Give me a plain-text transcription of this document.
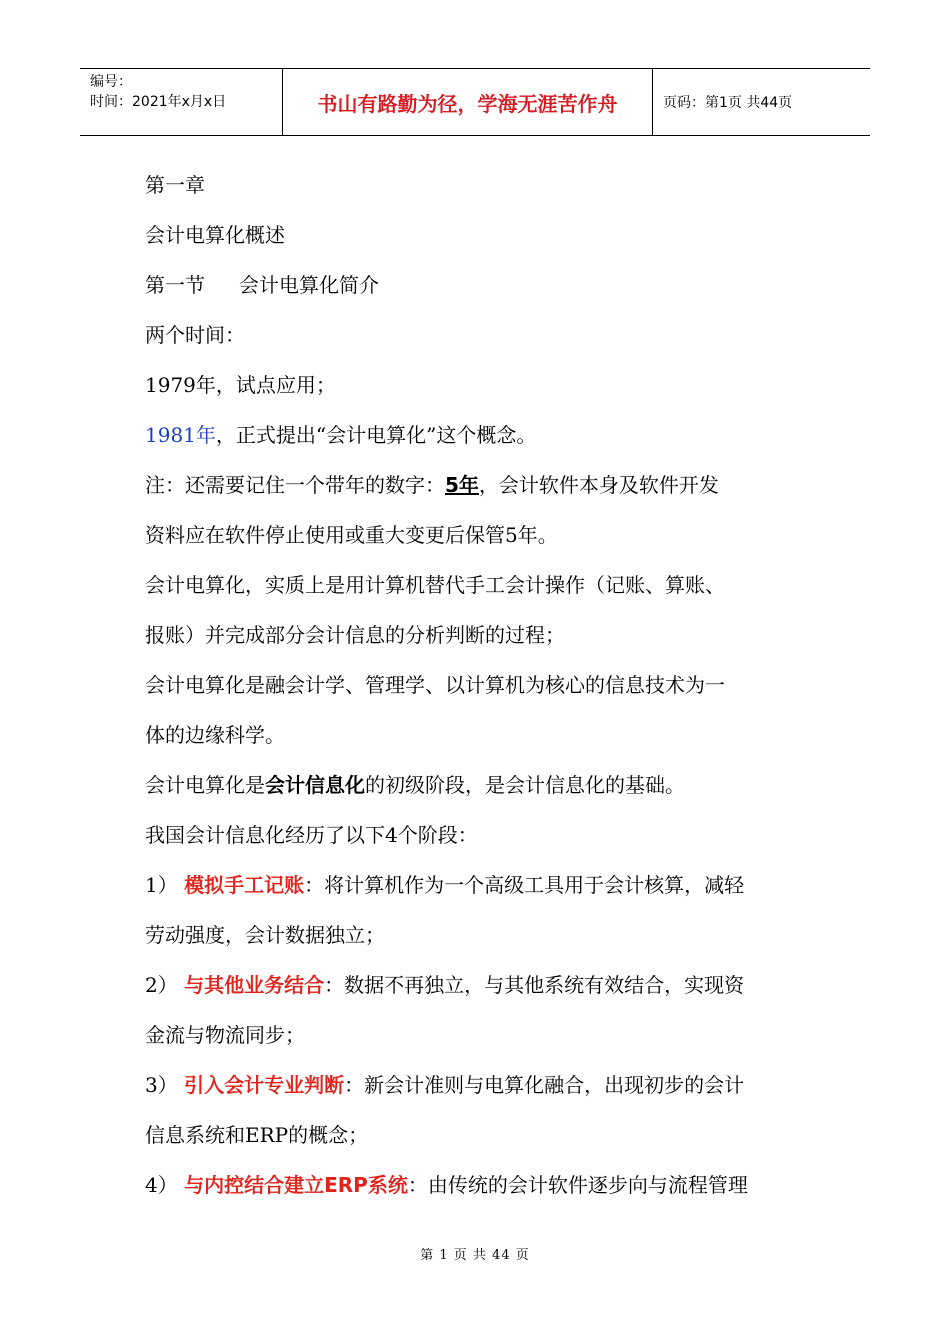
编号：
时间：2021年x月x日	书山有路勤为径，学海无涯苦作舟	页码：第1页 共44页
第一章
会计电算化概述
第一节 会计电算化简介
两个时间：
1979年，试点应用；
1981年，正式提出“会计电算化”这个概念。
注：还需要记住一个带年的数字：5年，会计软件本身及软件开发
资料应在软件停止使用或重大变更后保管5年。
会计电算化，实质上是用计算机替代手工会计操作（记账、算账、
报账）并完成部分会计信息的分析判断的过程；
会计电算化是融会计学、管理学、以计算机为核心的信息技术为一
体的边缘科学。
会计电算化是会计信息化的初级阶段，是会计信息化的基础。
我国会计信息化经历了以下4个阶段：
1） 模拟手工记账：将计算机作为一个高级工具用于会计核算，减轻
劳动强度，会计数据独立；
2） 与其他业务结合：数据不再独立，与其他系统有效结合，实现资
金流与物流同步；
3） 引入会计专业判断：新会计准则与电算化融合，出现初步的会计
信息系统和ERP的概念；
4） 与内控结合建立ERP系统：由传统的会计软件逐步向与流程管理
第 1 页 共 44 页
